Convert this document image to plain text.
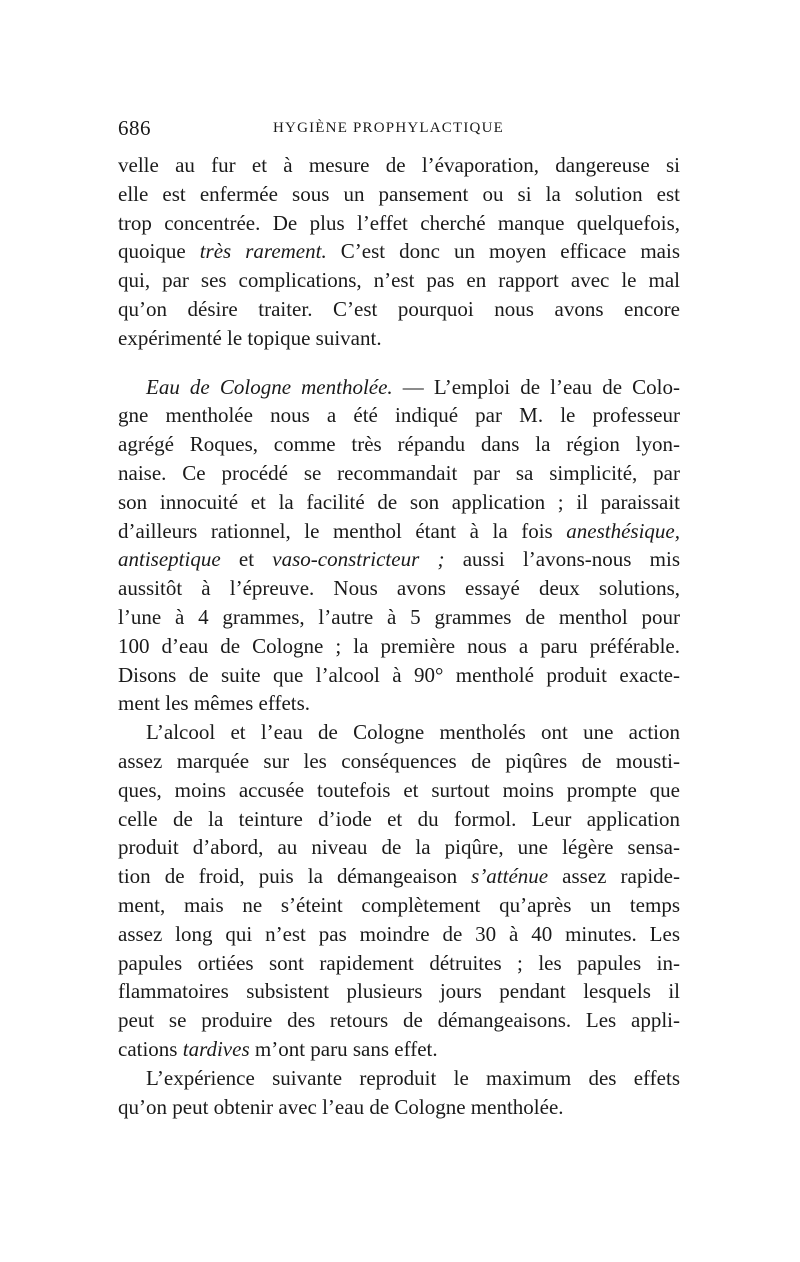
686	HYGIÈNE PROPHYLACTIQUE
velle au fur et à mesure de l’évaporation, dangereuse si
elle est enfermée sous un pansement ou si la solution est
trop concentrée. De plus l’effet cherché manque quelquefois,
quoique très rarement. C’est donc un moyen efficace mais
qui, par ses complications, n’est pas en rapport avec le mal
qu’on désire traiter. C’est pourquoi nous avons encore
expérimenté le topique suivant.
Eau de Cologne mentholée. — L’emploi de l’eau de Colo-
gne mentholée nous a été indiqué par M. le professeur
agrégé Roques, comme très répandu dans la région lyon-
naise. Ce procédé se recommandait par sa simplicité, par
son innocuité et la facilité de son application ; il paraissait
d’ailleurs rationnel, le menthol étant à la fois anesthésique,
antiseptique et vaso-constricteur ; aussi l’avons-nous mis
aussitôt à l’épreuve. Nous avons essayé deux solutions,
l’une à 4 grammes, l’autre à 5 grammes de menthol pour
100 d’eau de Cologne ; la première nous a paru préférable.
Disons de suite que l’alcool à 90° mentholé produit exacte-
ment les mêmes effets.
L’alcool et l’eau de Cologne mentholés ont une action
assez marquée sur les conséquences de piqûres de mousti-
ques, moins accusée toutefois et surtout moins prompte que
celle de la teinture d’iode et du formol. Leur application
produit d’abord, au niveau de la piqûre, une légère sensa-
tion de froid, puis la démangeaison s’atténue assez rapide-
ment, mais ne s’éteint complètement qu’après un temps
assez long qui n’est pas moindre de 30 à 40 minutes. Les
papules ortiées sont rapidement détruites ; les papules in-
flammatoires subsistent plusieurs jours pendant lesquels il
peut se produire des retours de démangeaisons. Les appli-
cations tardives m’ont paru sans effet.
L’expérience suivante reproduit le maximum des effets
qu’on peut obtenir avec l’eau de Cologne mentholée.
